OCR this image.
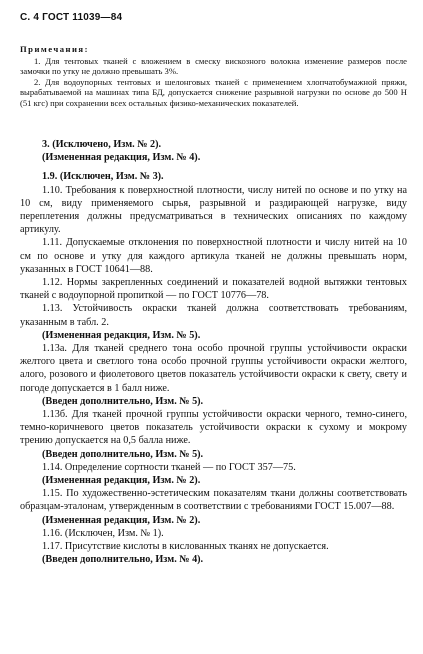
С. 4 ГОСТ 11039—84
Примечания:

1. Для тентовых тканей с вложением в смеску вискозного волокна изменение размеров после замочки по утку не должно превышать 3%.

2. Для водоупорных тентовых и шелонговых тканей с применением хлопчатобумажной пряжи, вырабатываемой на машинах типа БД, допускается снижение разрывной нагрузки по основе до 500 Н (51 кгс) при сохранении всех остальных физико-механических показателей.

3. (Исключено, Изм. № 2).

(Измененная редакция, Изм. № 4).

1.9. (Исключен, Изм. № 3).

1.10. Требования к поверхностной плотности, числу нитей по основе и по утку на 10 см, виду применяемого сырья, разрывной и раздирающей нагрузке, виду переплетения должны предусматриваться в технических описаниях по каждому артикулу.

1.11. Допускаемые отклонения по поверхностной плотности и числу нитей на 10 см по основе и утку для каждого артикула тканей не должны превышать норм, указанных в ГОСТ 10641—88.

1.12. Нормы закрепленных соединений и показателей водной вытяжки тентовых тканей с водоупорной пропиткой — по ГОСТ 10776—78.

1.13. Устойчивость окраски тканей должна соответствовать требованиям, указанным в табл. 2.

(Измененная редакция, Изм. № 5).

1.13а. Для тканей среднего тона особо прочной группы устойчивости окраски желтого цвета и светлого тона особо прочной группы устойчивости окраски желтого, алого, розового и фиолетового цветов показатель устойчивости окраски к свету, свету и погоде допускается в 1 балл ниже.

(Введен дополнительно, Изм. № 5).

1.13б. Для тканей прочной группы устойчивости окраски черного, темно-синего, темно-коричневого цветов показатель устойчивости окраски к сухому и мокрому трению допускается на 0,5 балла ниже.

(Введен дополнительно, Изм. № 5).

1.14. Определение сортности тканей — по ГОСТ 357—75.

(Измененная редакция, Изм. № 2).

1.15. По художественно-эстетическим показателям ткани должны соответствовать образцам-эталонам, утвержденным в соответствии с требованиями ГОСТ 15.007—88.

(Измененная редакция, Изм. № 2).

1.16. (Исключен, Изм. № 1).

1.17. Присутствие кислоты в кислованных тканях не допускается.

(Введен дополнительно, Изм. № 4).
